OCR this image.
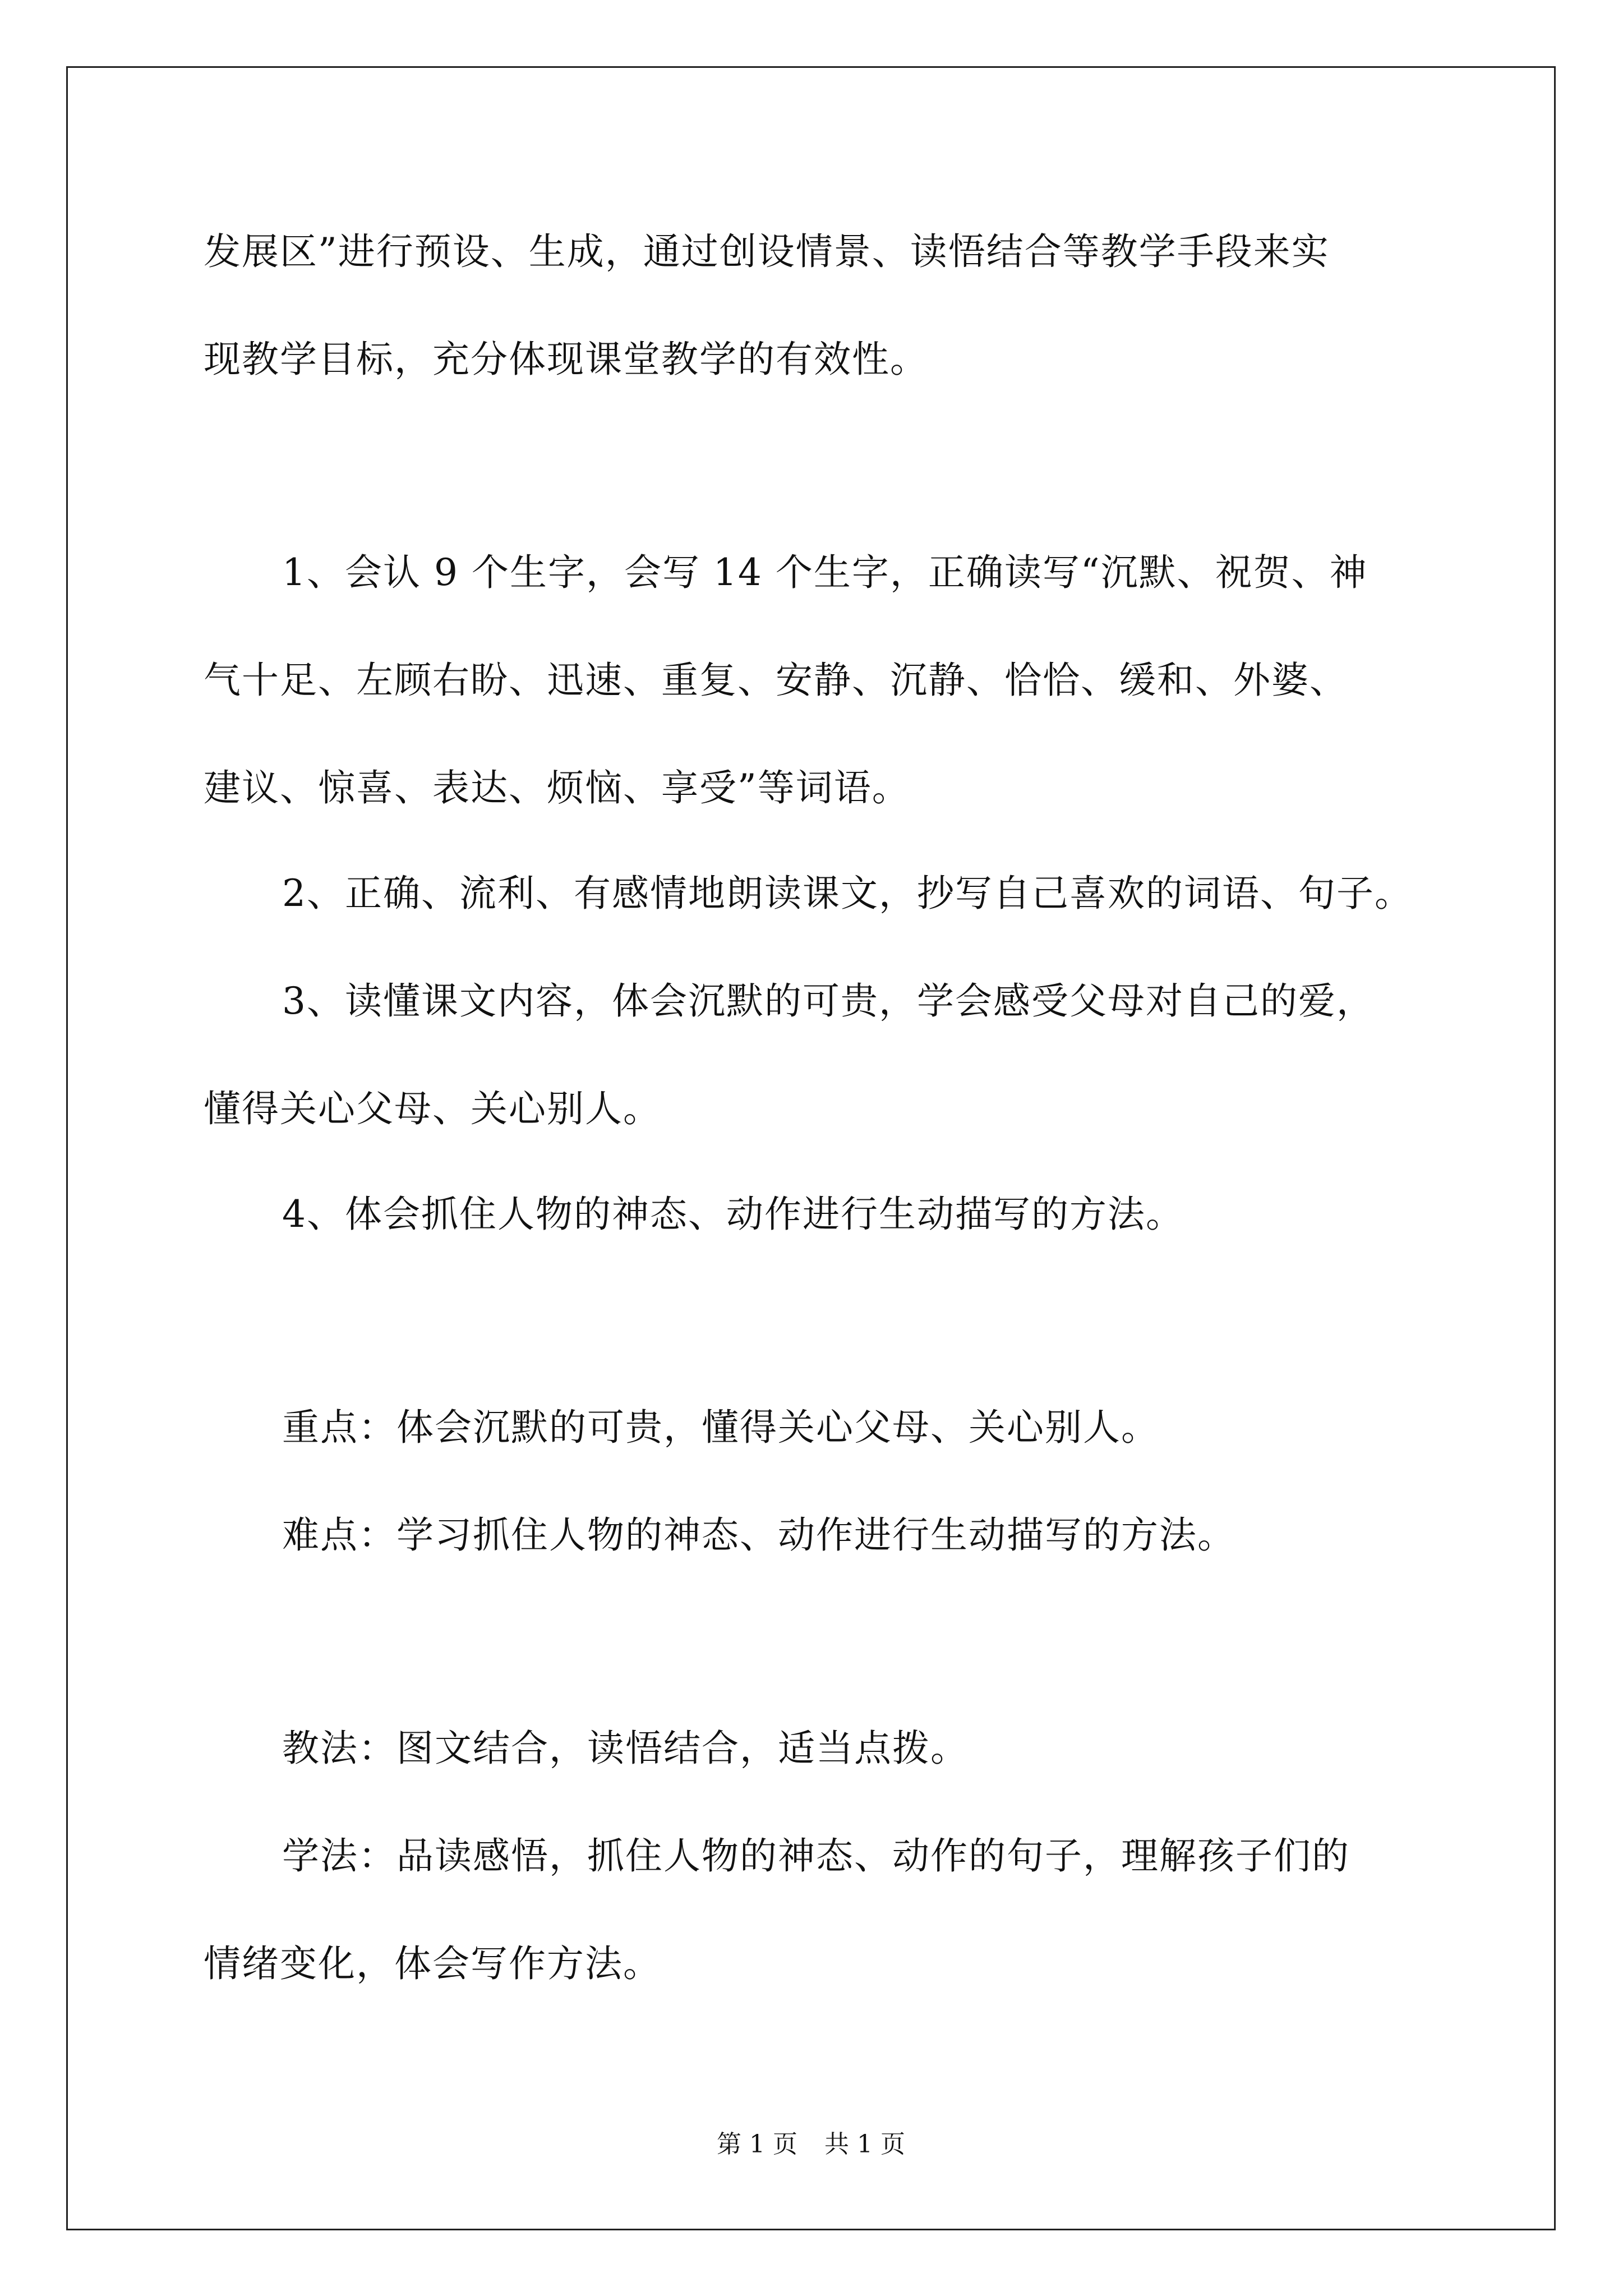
发展区”进行预设、生成，通过创设情景、读悟结合等教学手段来实
现教学目标，充分体现课堂教学的有效性。
1、会认 9 个生字，会写 14 个生字，正确读写“沉默、祝贺、神
气十足、左顾右盼、迅速、重复、安静、沉静、恰恰、缓和、外婆、
建议、惊喜、表达、烦恼、享受”等词语。
2、正确、流利、有感情地朗读课文，抄写自己喜欢的词语、句子。
3、读懂课文内容，体会沉默的可贵，学会感受父母对自己的爱，
懂得关心父母、关心别人。
4、体会抓住人物的神态、动作进行生动描写的方法。
重点：体会沉默的可贵，懂得关心父母、关心别人。
难点：学习抓住人物的神态、动作进行生动描写的方法。
教法：图文结合，读悟结合，适当点拨。
学法：品读感悟，抓住人物的神态、动作的句子，理解孩子们的
情绪变化，体会写作方法。
第 1 页 共 1 页
